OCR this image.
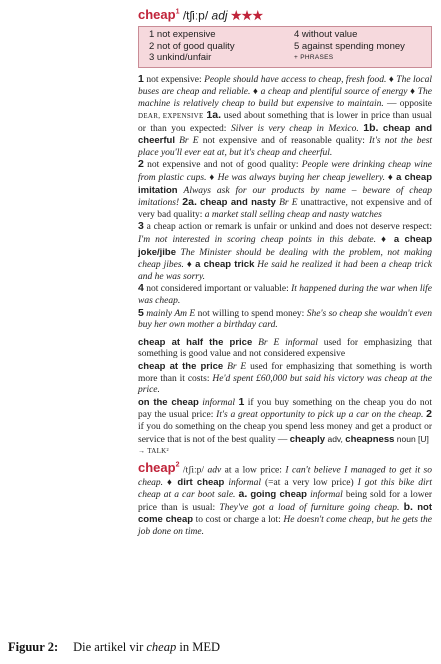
cheap$^1$ /tʃiːp/ adj ★★★
1 not expensive
2 not of good quality
3 unkind/unfair
4 without value
5 against spending money
+ PHRASES

1 not expensive: People should have access to cheap, fresh food. ♦ The local buses are cheap and reliable. ♦ a cheap and plentiful source of energy ♦ The machine is relatively cheap to build but expensive to maintain. — opposite DEAR, EXPENSIVE 1a. used about something that is lower in price than usual or than you expected: Silver is very cheap in Mexico. 1b. cheap and cheerful Br E not expensive and of reasonable quality: It's not the best place you'll ever eat at, but it's cheap and cheerful.

2 not expensive and not of good quality: People were drinking cheap wine from plastic cups. ♦ He was always buying her cheap jewellery. ♦ a cheap imitation Always ask for our products by name – beware of cheap imitations! 2a. cheap and nasty Br E unattractive, not expensive and of very bad quality: a market stall selling cheap and nasty watches

3 a cheap action or remark is unfair or unkind and does not deserve respect: I'm not interested in scoring cheap points in this debate. ♦ a cheap joke/jibe The Minister should be dealing with the problem, not making cheap jibes. ♦ a cheap trick He said he realized it had been a cheap trick and he was sorry.

4 not considered important or valuable: It happened during the war when life was cheap.

5 mainly Am E not willing to spend money: She's so cheap she wouldn't even buy her own mother a birthday card.

cheap at half the price Br E informal used for emphasizing that something is good value and not considered expensive

cheap at the price Br E used for emphasizing that something is worth more than it costs: He'd spent £60,000 but said his victory was cheap at the price.

on the cheap informal 1 if you buy something on the cheap you do not pay the usual price: It's a great opportunity to pick up a car on the cheap. 2 if you do something on the cheap you spend less money and get a product or service that is not of the best quality — cheaply adv, cheapness noun [U]

→ TALK²

cheap$^2$ /tʃiːp/ adv at a low price: I can't believe I managed to get it so cheap. ♦ dirt cheap informal (=at a very low price) I got this bike dirt cheap at a car boot sale. a. going cheap informal being sold for a lower price than is usual: They've got a load of furniture going cheap. b. not come cheap to cost or charge a lot: He doesn't come cheap, but he gets the job done on time.

Figuur 2: Die artikel vir cheap in MED
